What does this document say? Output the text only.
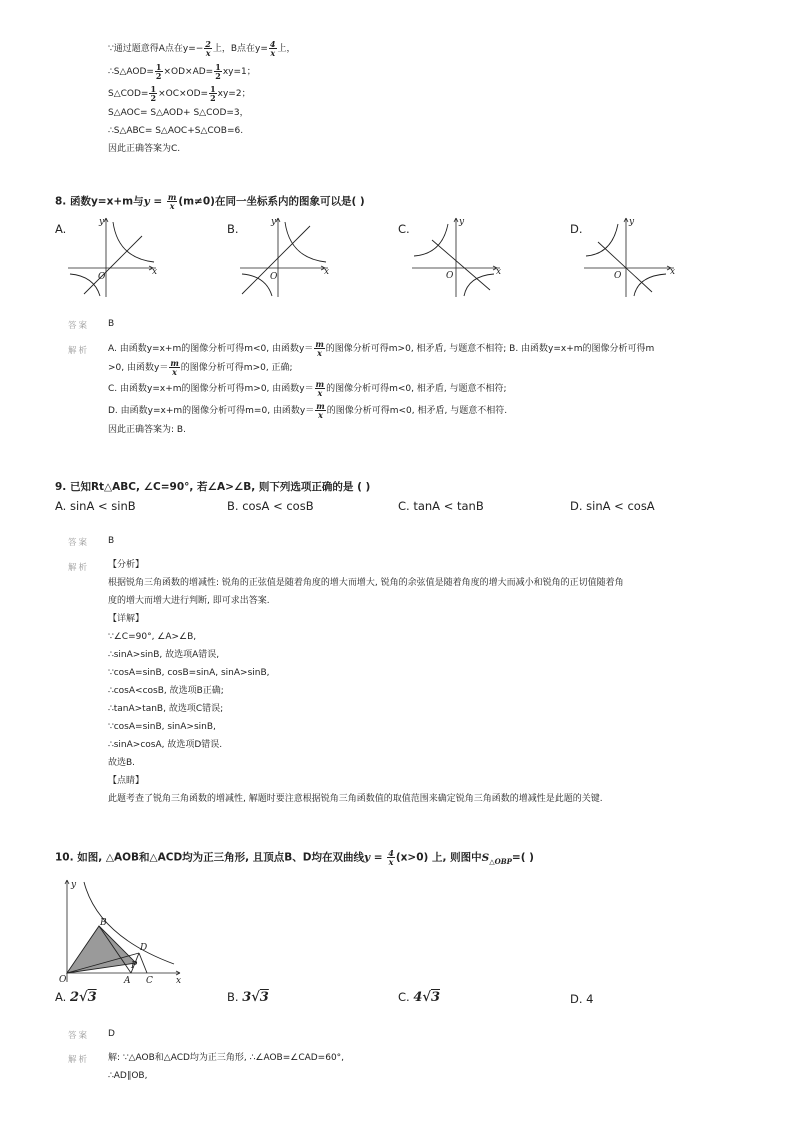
∵通过题意得A点在$y=- \frac{2}{x}$ 上，B点在$y= \frac{4}{x}$ 上，
∴S△AOD= $\frac{1}{2} \times OD\times AD= \frac{1}{2} xy=1$；
S△COD= $\frac{1}{2} \times OC\times OD= \frac{1}{2} xy=2$；
S△AOC= S△AOD+ S△COD=3，
∴S△ABC= S△AOC+S△COB=6.
因此正确答案为C.
8. 函数y=x+m与$y = \frac{m}{x} (m\ne 0)$在同一坐标系内的图象可以是( )
A.	B.	C.	D.
y
x
O
y
x
O
y
x
O
y
x
O
答案 B
解析 A. 由函数y=x+m的图像分析可得m<0, 由函数$y= \frac{m}{x}$ 的图像分析可得m>0, 相矛盾, 与题意不相符; B. 由函数y=x+m的图像分析可得m
>0, 由函数$y= \frac{m}{x}$ 的图像分析可得m>0, 正确;
C. 由函数y=x+m的图像分析可得m>0, 由函数$y= \frac{m}{x}$ 的图像分析可得m<0, 相矛盾, 与题意不相符;
D. 由函数y=x+m的图像分析可得m=0, 由函数$y= \frac{m}{x}$ 的图像分析可得m<0, 相矛盾, 与题意不相符.
因此正确答案为: B.
9. 已知Rt△ABC, ∠C=90°, 若∠A>∠B, 则下列选项正确的是 ( )
A. sinA < sinB	B. cosA < cosB	C. tanA < tanB	D. sinA < cosA
答案 B
解析 【分析】
根据锐角三角函数的增减性: 锐角的正弦值是随着角度的增大而增大, 锐角的余弦值是随着角度的增大而减小和锐角的正切值随着角
度的增大而增大进行判断, 即可求出答案.
【详解】
∵∠C=90°, ∠A>∠B,
∴sinA>sinB, 故选项A错误,
∵cosA=sinB, cosB=sinA, sinA>sinB,
∴cosA<cosB, 故选项B正确;
∴tanA>tanB, 故选项C错误;
∵cosA=sinB, sinA>sinB,
∴sinA>cosA, 故选项D错误.
故选B.
【点睛】
此题考查了锐角三角函数的增减性, 解题时要注意根据锐角三角函数值的取值范围来确定锐角三角函数的增减性是此题的关键.
10. 如图, △AOB和△ACD均为正三角形, 且顶点B、D均在双曲线$y = \frac{4}{x} (x>0)$ 上, 则图中$S_{\triangle OBP}=$( )
y
x
B
D
P
O	A C
A. 2√3	B. 3√3	C. 4√3	D. 4
答案 D
解析 解: ∵△AOB和△ACD均为正三角形, ∴∠AOB=∠CAD=60°,
∴AD∥OB,
